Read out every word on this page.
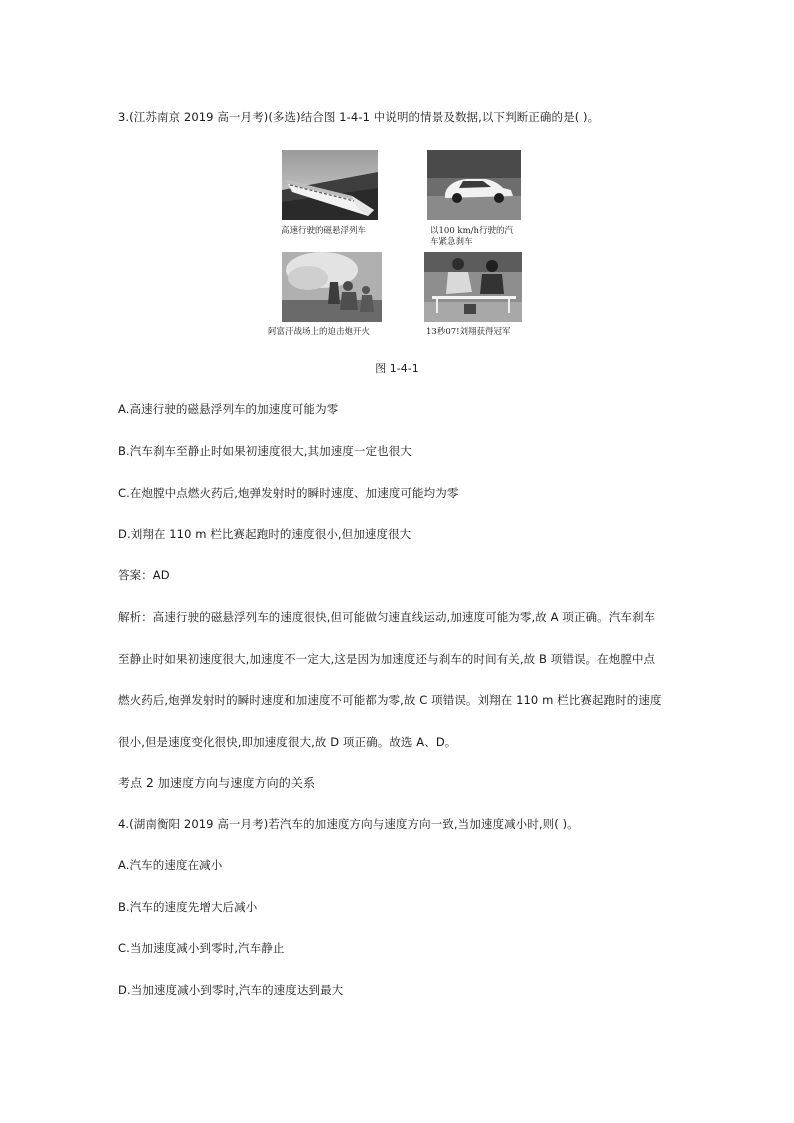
3.(江苏南京 2019 高一月考)(多选)结合图 1-4-1 中说明的情景及数据,以下判断正确的是( )。
高速行驶的磁悬浮列车	以100 km/h行驶的汽
车紧急刹车
阿富汗战场上的迫击炮开火	13秒07!刘翔获得冠军
图 1-4-1
A.高速行驶的磁悬浮列车的加速度可能为零
B.汽车刹车至静止时如果初速度很大,其加速度一定也很大
C.在炮膛中点燃火药后,炮弹发射时的瞬时速度、加速度可能均为零
D.刘翔在 110 m 栏比赛起跑时的速度很小,但加速度很大
答案：AD
解析：高速行驶的磁悬浮列车的速度很快,但可能做匀速直线运动,加速度可能为零,故 A 项正确。汽车刹车
至静止时如果初速度很大,加速度不一定大,这是因为加速度还与刹车的时间有关,故 B 项错误。在炮膛中点
燃火药后,炮弹发射时的瞬时速度和加速度不可能都为零,故 C 项错误。刘翔在 110 m 栏比赛起跑时的速度
很小,但是速度变化很快,即加速度很大,故 D 项正确。故选 A、D。
考点 2 加速度方向与速度方向的关系
4.(湖南衡阳 2019 高一月考)若汽车的加速度方向与速度方向一致,当加速度减小时,则( )。
A.汽车的速度在减小
B.汽车的速度先增大后减小
C.当加速度减小到零时,汽车静止
D.当加速度减小到零时,汽车的速度达到最大
